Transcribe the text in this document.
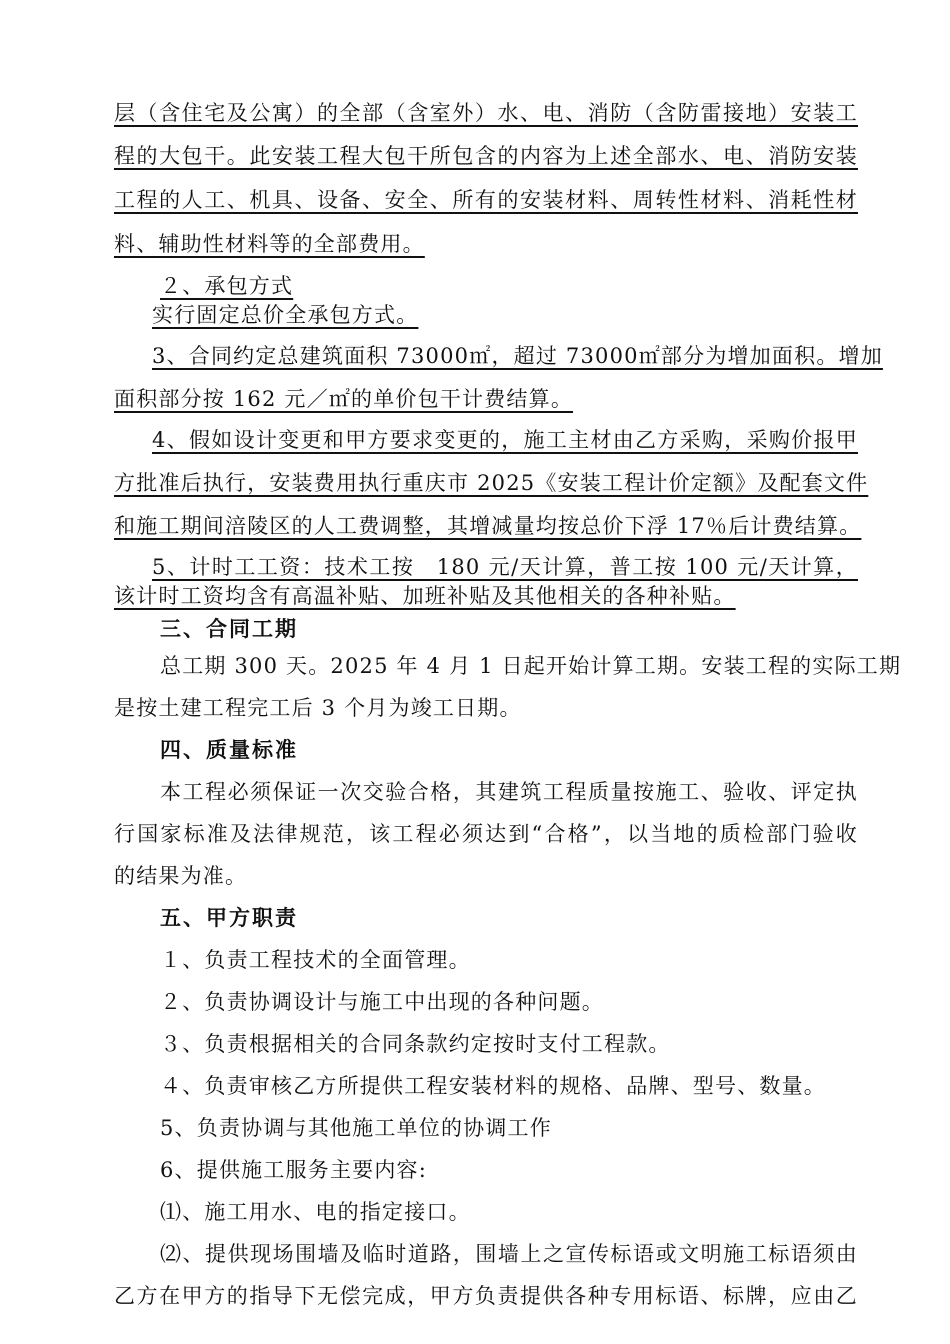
层（含住宅及公寓）的全部（含室外）水、电、消防（含防雷接地）安装工
程的大包干。此安装工程大包干所包含的内容为上述全部水、电、消防安装
工程的人工、机具、设备、安全、所有的安装材料、周转性材料、消耗性材
料、辅助性材料等的全部费用。
２、承包方式
实行固定总价全承包方式。
3、合同约定总建筑面积 73000㎡，超过 73000㎡部分为增加面积。增加
面积部分按 162 元／㎡的单价包干计费结算。
4、假如设计变更和甲方要求变更的，施工主材由乙方采购，采购价报甲
方批准后执行，安装费用执行重庆市 2025《安装工程计价定额》及配套文件
和施工期间涪陵区的人工费调整，其增减量均按总价下浮 17％后计费结算。
5、计时工工资：技术工按　180 元/天计算，普工按 100 元/天计算，
该计时工资均含有高温补贴、加班补贴及其他相关的各种补贴。
三、合同工期
总工期 300 天。2025 年 4 月 1 日起开始计算工期。安装工程的实际工期
是按土建工程完工后 3 个月为竣工日期。
四、质量标准
本工程必须保证一次交验合格，其建筑工程质量按施工、验收、评定执
行国家标准及法律规范，该工程必须达到“合格”，以当地的质检部门验收
的结果为准。
五、甲方职责
１、负责工程技术的全面管理。
２、负责协调设计与施工中出现的各种问题。
３、负责根据相关的合同条款约定按时支付工程款。
４、负责审核乙方所提供工程安装材料的规格、品牌、型号、数量。
5、负责协调与其他施工单位的协调工作
6、提供施工服务主要内容:
⑴、施工用水、电的指定接口。
⑵、提供现场围墙及临时道路，围墙上之宣传标语或文明施工标语须由
乙方在甲方的指导下无偿完成，甲方负责提供各种专用标语、标牌，应由乙
